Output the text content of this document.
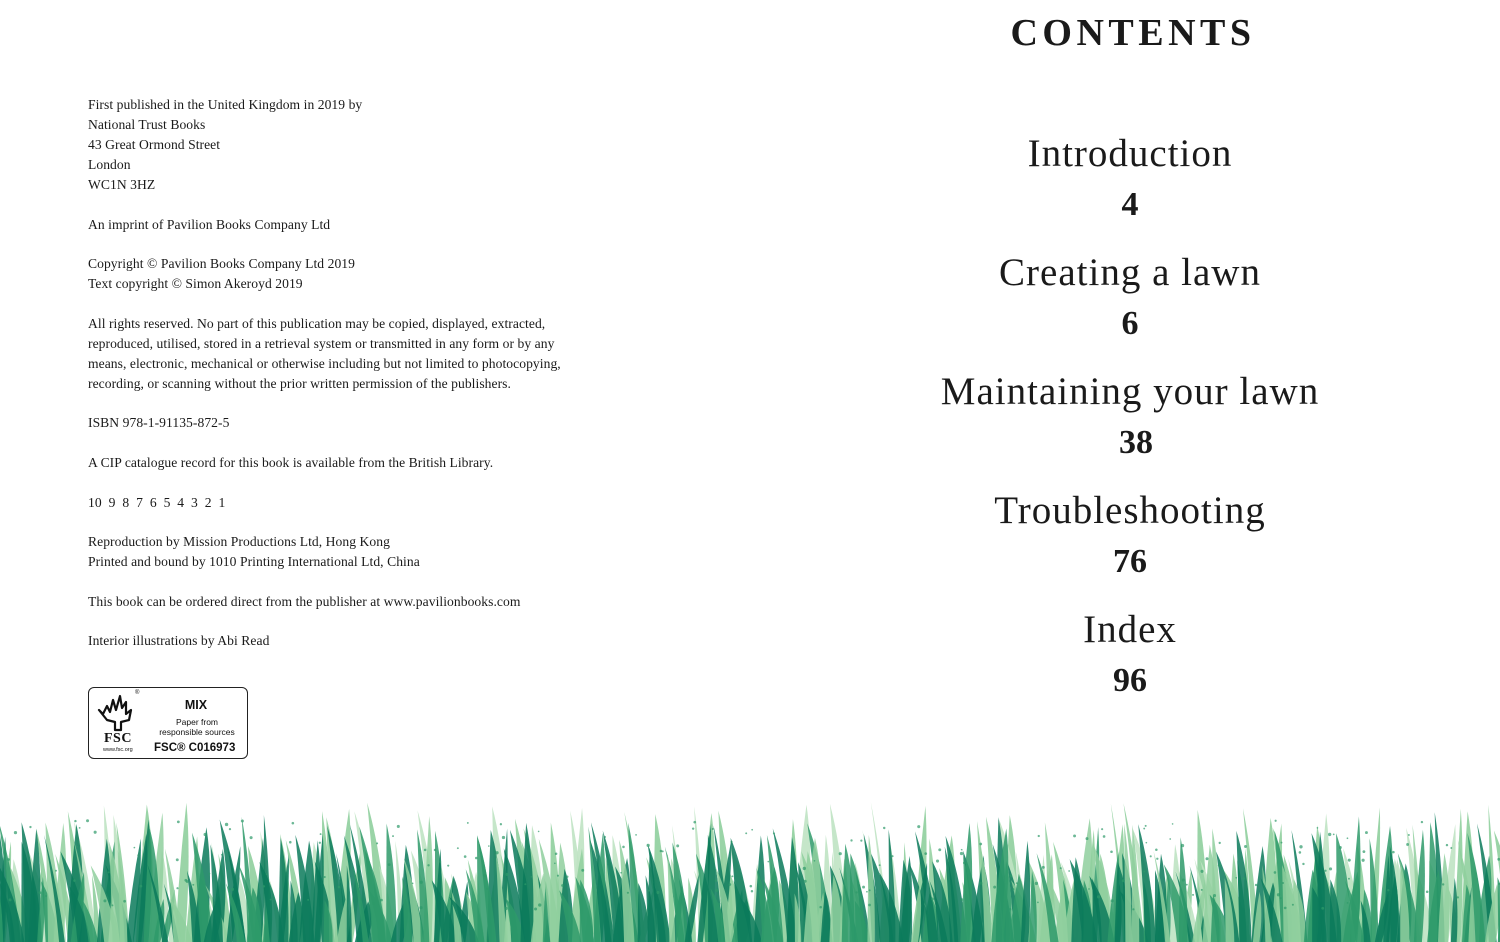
First published in the United Kingdom in 2019 by
National Trust Books
43 Great Ormond Street
London
WC1N 3HZ

An imprint of Pavilion Books Company Ltd

Copyright © Pavilion Books Company Ltd 2019
Text copyright © Simon Akeroyd 2019

All rights reserved. No part of this publication may be copied, displayed, extracted,
reproduced, utilised, stored in a retrieval system or transmitted in any form or by any
means, electronic, mechanical or otherwise including but not limited to photocopying,
recording, or scanning without the prior written permission of the publishers.

ISBN 978-1-91135-872-5

A CIP catalogue record for this book is available from the British Library.

10  9  8  7  6  5  4  3  2  1

Reproduction by Mission Productions Ltd, Hong Kong
Printed and bound by 1010 Printing International Ltd, China

This book can be ordered direct from the publisher at www.pavilionbooks.com

Interior illustrations by Abi Read

®
FSC
www.fsc.org
MIX
Paper from
responsible sources
FSC® C016973
CONTENTS
Introduction
4
Creating a lawn
6
Maintaining your lawn
38
Troubleshooting
76
Index
96
